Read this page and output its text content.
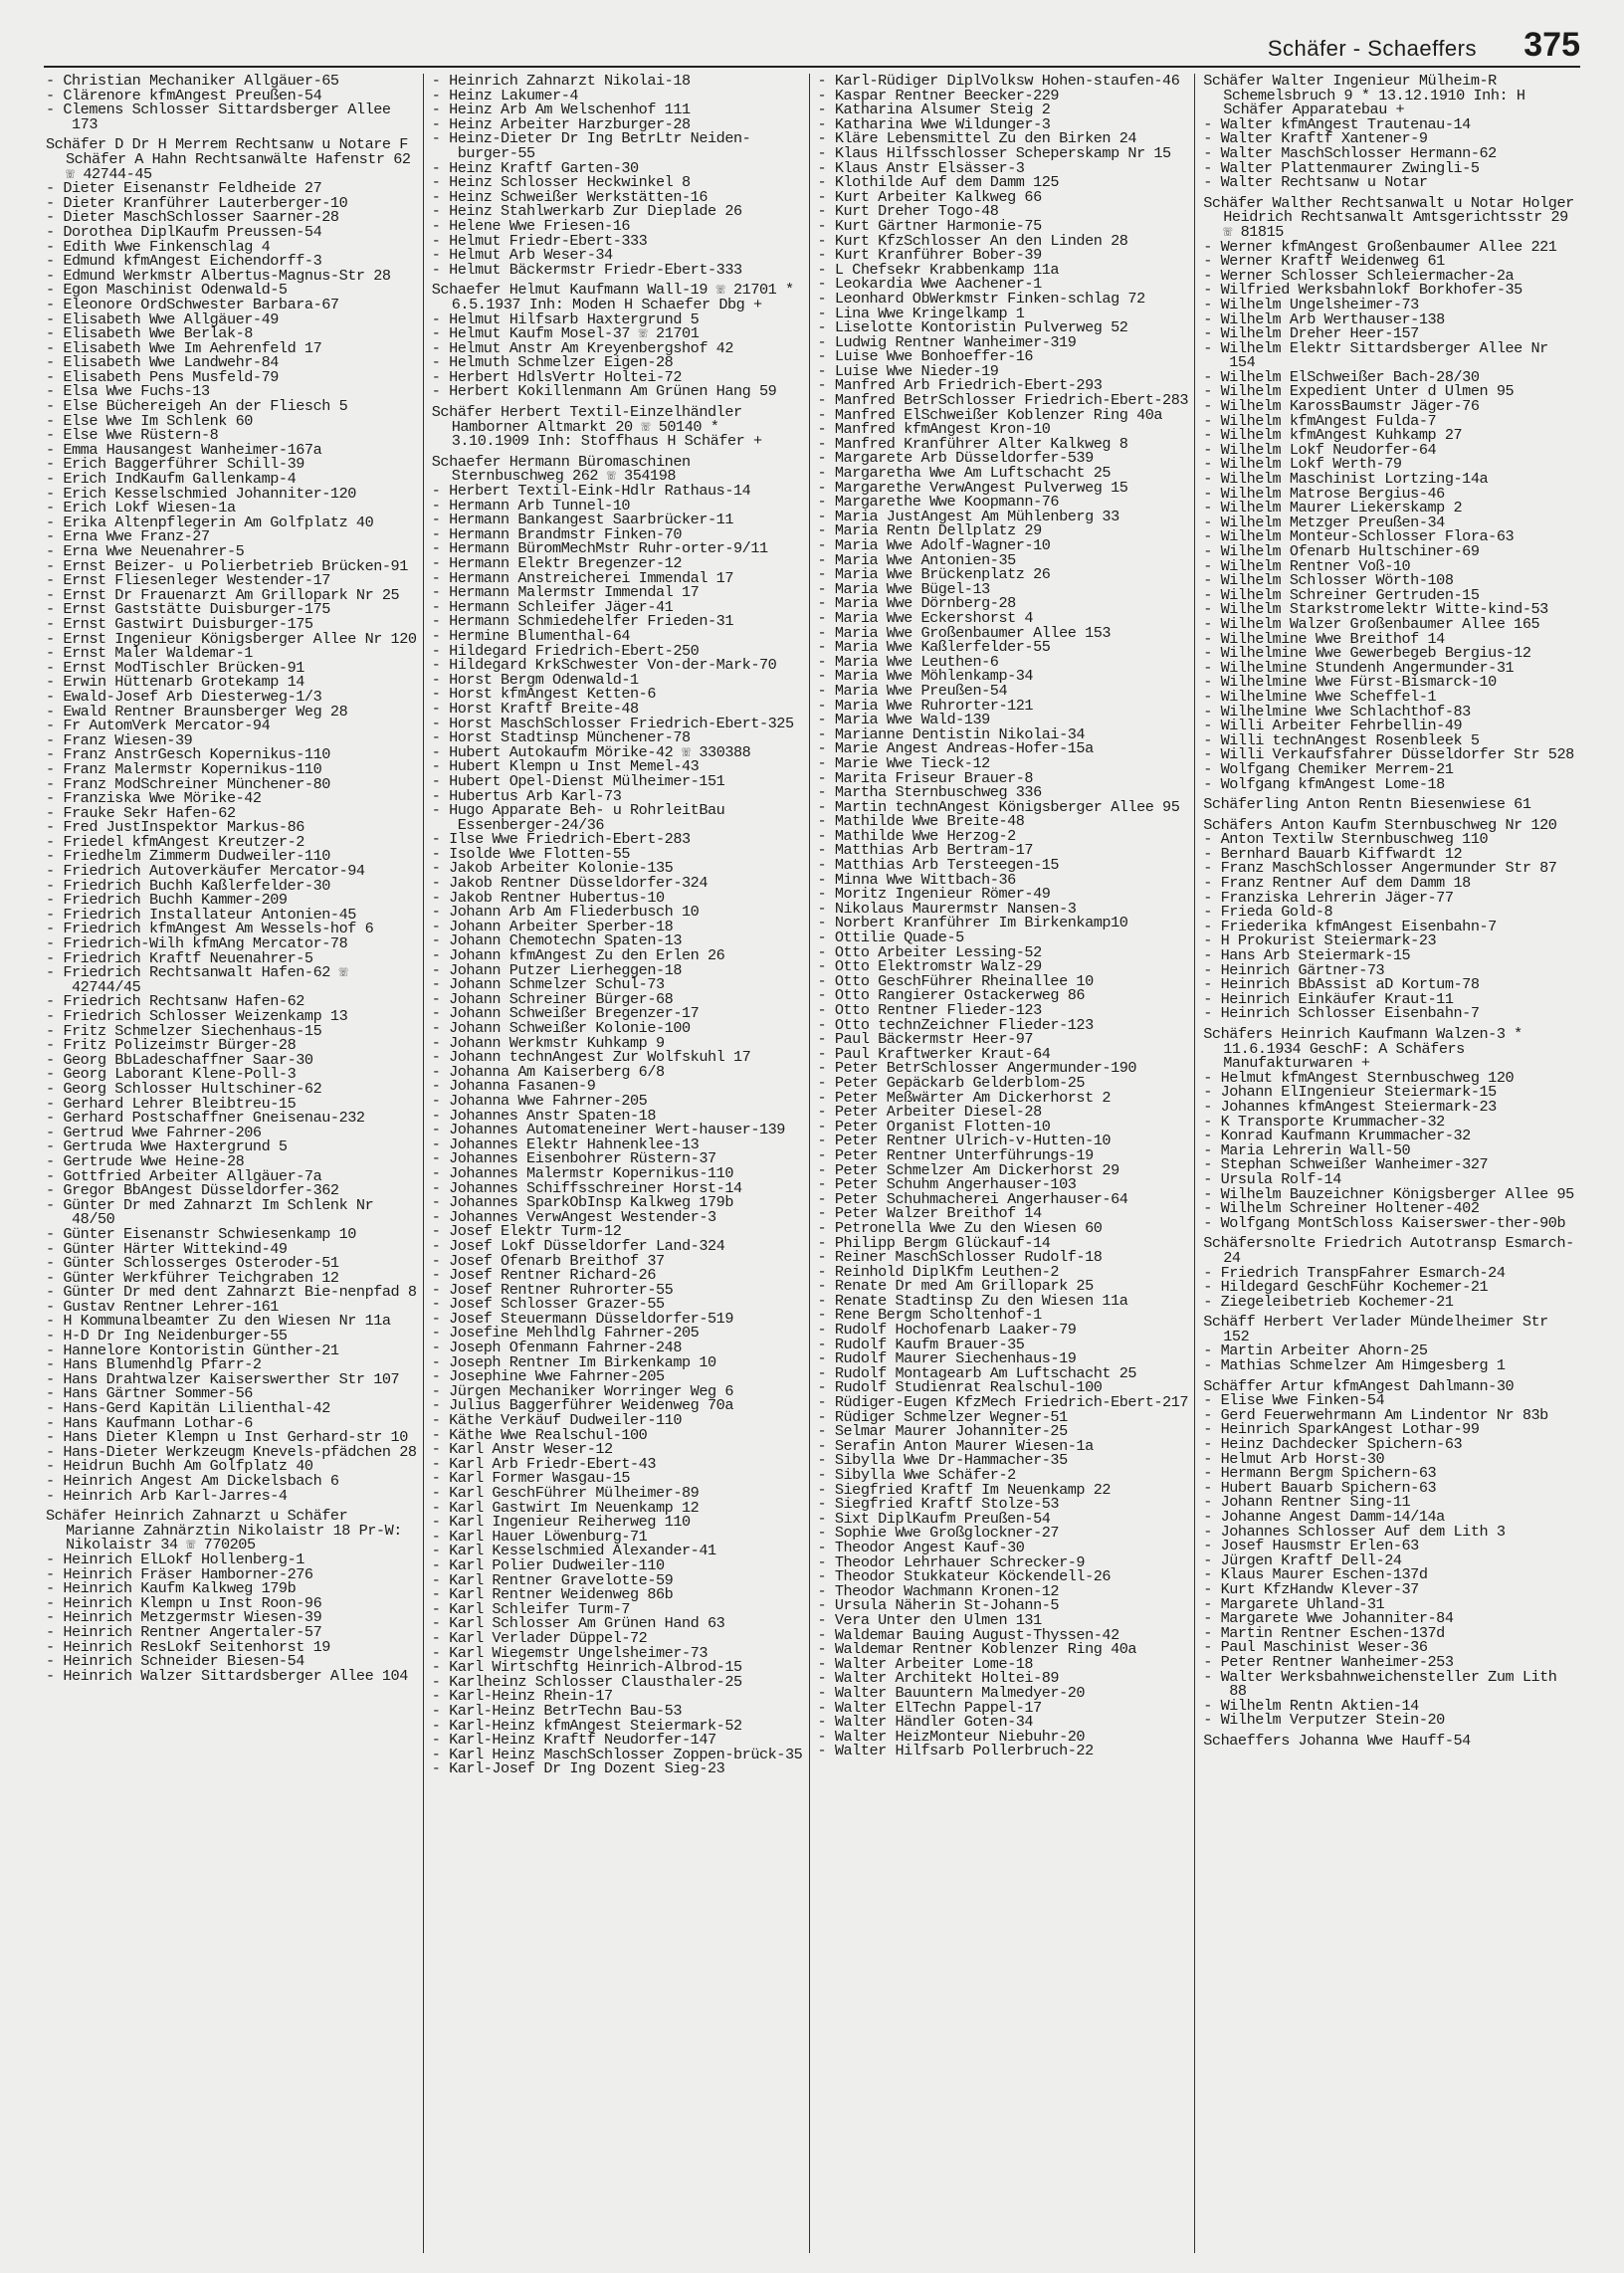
Schäfer - Schaeffers 375
- Christian Mechaniker Allgäuer-65
- Clärenore kfmAngest Preußen-54
- Clemens Schlosser Sittardsberger Allee 173
Schäfer D Dr H Merrem Rechtsanw u Notare F Schäfer A Hahn Rechtsanwälte Hafenstr 62 ☏ 42744-45
- Dieter Eisenanstr Feldheide 27
- Dieter Kranführer Lauterberger-10
- Dieter MaschSchlosser Saarner-28
- Dorothea DiplKaufm Preussen-54
- Edith Wwe Finkenschlag 4
- Edmund kfmAngest Eichendorff-3
- Edmund Werkmstr Albertus-Magnus-Str 28
- Egon Maschinist Odenwald-5
- Eleonore OrdSchwester Barbara-67
- Elisabeth Wwe Allgäuer-49
- Elisabeth Wwe Berlak-8
- Elisabeth Wwe Im Aehrenfeld 17
- Elisabeth Wwe Landwehr-84
- Elisabeth Pens Musfeld-79
- Elsa Wwe Fuchs-13
- Else Büchereigeh An der Fliesch 5
- Else Wwe Im Schlenk 60
- Else Wwe Rüstern-8
- Emma Hausangest Wanheimer-167a
- Erich Baggerführer Schill-39
- Erich IndKaufm Gallenkamp-4
- Erich Kesselschmied Johanniter-120
- Erich Lokf Wiesen-1a
- Erika Altenpflegerin Am Golfplatz 40
- Erna Wwe Franz-27
- Erna Wwe Neuenahrer-5
- Ernst Beizer- u Polierbetrieb Brücken-91
- Ernst Fliesenleger Westender-17
- Ernst Dr Frauenarzt Am Grillopark Nr 25
- Ernst Gaststätte Duisburger-175
- Ernst Gastwirt Duisburger-175
- Ernst Ingenieur Königsberger Allee Nr 120
- Ernst Maler Waldemar-1
- Ernst ModTischler Brücken-91
- Erwin Hüttenarb Grotekamp 14
- Ewald-Josef Arb Diesterweg-1/3
- Ewald Rentner Braunsberger Weg 28
- Fr AutomVerk Mercator-94
- Franz Wiesen-39
- Franz AnstrGesch Kopernikus-110
- Franz Malermstr Kopernikus-110
- Franz ModSchreiner Münchener-80
- Franziska Wwe Mörike-42
- Frauke Sekr Hafen-62
- Fred JustInspektor Markus-86
- Friedel kfmAngest Kreutzer-2
- Friedhelm Zimmerm Dudweiler-110
- Friedrich Autoverkäufer Mercator-94
- Friedrich Buchh Kaßlerfelder-30
- Friedrich Buchh Kammer-209
- Friedrich Installateur Antonien-45
- Friedrich kfmAngest Am Wessels-hof 6
- Friedrich-Wilh kfmAng Mercator-78
- Friedrich Kraftf Neuenahrer-5
- Friedrich Rechtsanwalt Hafen-62 ☏ 42744/45
- Friedrich Rechtsanw Hafen-62
- Friedrich Schlosser Weizenkamp 13
- Fritz Schmelzer Siechenhaus-15
- Fritz Polizeimstr Bürger-28
- Georg BbLadeschaffner Saar-30
- Georg Laborant Klene-Poll-3
- Georg Schlosser Hultschiner-62
- Gerhard Lehrer Bleibtreu-15
- Gerhard Postschaffner Gneisenau-232
- Gertrud Wwe Fahrner-206
- Gertruda Wwe Haxtergrund 5
- Gertrude Wwe Heine-28
- Gottfried Arbeiter Allgäuer-7a
- Gregor BbAngest Düsseldorfer-362
- Günter Dr med Zahnarzt Im Schlenk Nr 48/50
- Günter Eisenanstr Schwiesenkamp 10
- Günter Härter Wittekind-49
- Günter Schlosserges Osteroder-51
- Günter Werkführer Teichgraben 12
- Günter Dr med dent Zahnarzt Bie-nenpfad 8
- Gustav Rentner Lehrer-161
- H Kommunalbeamter Zu den Wiesen Nr 11a
- H-D Dr Ing Neidenburger-55
- Hannelore Kontoristin Günther-21
- Hans Blumenhdlg Pfarr-2
- Hans Drahtwalzer Kaiserswerther Str 107
- Hans Gärtner Sommer-56
- Hans-Gerd Kapitän Lilienthal-42
- Hans Kaufmann Lothar-6
- Hans Dieter Klempn u Inst Gerhard-str 10
- Hans-Dieter Werkzeugm Knevels-pfädchen 28
- Heidrun Buchh Am Golfplatz 40
- Heinrich Angest Am Dickelsbach 6
- Heinrich Arb Karl-Jarres-4
Schäfer Heinrich Zahnarzt u Schäfer Marianne Zahnärztin Nikolaistr 18 Pr-W: Nikolaistr 34 ☏ 770205
- Heinrich ElLokf Hollenberg-1
- Heinrich Fräser Hamborner-276
- Heinrich Kaufm Kalkweg 179b
- Heinrich Klempn u Inst Roon-96
- Heinrich Metzgermstr Wiesen-39
- Heinrich Rentner Angertaler-57
- Heinrich ResLokf Seitenhorst 19
- Heinrich Schneider Biesen-54
- Heinrich Walzer Sittardsberger Allee 104
- Heinrich Zahnarzt Nikolai-18
- Heinz Lakumer-4
- Heinz Arb Am Welschenhof 111
- Heinz Arbeiter Harzburger-28
- Heinz-Dieter Dr Ing BetrLtr Neiden-burger-55
- Heinz Kraftf Garten-30
- Heinz Schlosser Heckwinkel 8
- Heinz Schweißer Werkstätten-16
- Heinz Stahlwerkarb Zur Dieplade 26
- Helene Wwe Friesen-16
- Helmut Friedr-Ebert-333
- Helmut Arb Weser-34
- Helmut Bäckermstr Friedr-Ebert-333
Schaefer Helmut Kaufmann Wall-19 ☏ 21701 * 6.5.1937 Inh: Moden H Schaefer Dbg +
- Helmut Hilfsarb Haxtergrund 5
- Helmut Kaufm Mosel-37 ☏ 21701
- Helmut Anstr Am Kreyenbergshof 42
- Helmuth Schmelzer Eigen-28
- Herbert HdlsVertr Holtei-72
- Herbert Kokillenmann Am Grünen Hang 59
Schäfer Herbert Textil-Einzelhändler Hamborner Altmarkt 20 ☏ 50140 * 3.10.1909 Inh: Stoffhaus H Schäfer +
Schaefer Hermann Büromaschinen Sternbuschweg 262 ☏ 354198
- Herbert Textil-Eink-Hdlr Rathaus-14
- Hermann Arb Tunnel-10
- Hermann Bankangest Saarbrücker-11
- Hermann Brandmstr Finken-70
- Hermann BüromMechMstr Ruhr-orter-9/11
- Hermann Elektr Bregenzer-12
- Hermann Anstreicherei Immendal 17
- Hermann Malermstr Immendal 17
- Hermann Schleifer Jäger-41
- Hermann Schmiedehelfer Frieden-31
- Hermine Blumenthal-64
- Hildegard Friedrich-Ebert-250
- Hildegard KrkSchwester Von-der-Mark-70
- Horst Bergm Odenwald-1
- Horst kfmAngest Ketten-6
- Horst Kraftf Breite-48
- Horst MaschSchlosser Friedrich-Ebert-325
- Horst Stadtinsp Münchener-78
- Hubert Autokaufm Mörike-42 ☏ 330388
- Hubert Klempn u Inst Memel-43
- Hubert Opel-Dienst Mülheimer-151
- Hubertus Arb Karl-73
- Hugo Apparate Beh- u RohrleitBau Essenberger-24/36
- Ilse Wwe Friedrich-Ebert-283
- Isolde Wwe Flotten-55
- Jakob Arbeiter Kolonie-135
- Jakob Rentner Düsseldorfer-324
- Jakob Rentner Hubertus-10
- Johann Arb Am Fliederbusch 10
- Johann Arbeiter Sperber-18
- Johann Chemotechn Spaten-13
- Johann kfmAngest Zu den Erlen 26
- Johann Putzer Lierheggen-18
- Johann Schmelzer Schul-73
- Johann Schreiner Bürger-68
- Johann Schweißer Bregenzer-17
- Johann Schweißer Kolonie-100
- Johann Werkmstr Kuhkamp 9
- Johann technAngest Zur Wolfskuhl 17
- Johanna Am Kaiserberg 6/8
- Johanna Fasanen-9
- Johanna Wwe Fahrner-205
- Johannes Anstr Spaten-18
- Johannes Automateneiner Wert-hauser-139
- Johannes Elektr Hahnenklee-13
- Johannes Eisenbohrer Rüstern-37
- Johannes Malermstr Kopernikus-110
- Johannes Schiffsschreiner Horst-14
- Johannes SparkObInsp Kalkweg 179b
- Johannes VerwAngest Westender-3
- Josef Elektr Turm-12
- Josef Lokf Düsseldorfer Land-324
- Josef Ofenarb Breithof 37
- Josef Rentner Richard-26
- Josef Rentner Ruhrorter-55
- Josef Schlosser Grazer-55
- Josef Steuermann Düsseldorfer-519
- Josefine Mehlhdlg Fahrner-205
- Joseph Ofenmann Fahrner-248
- Joseph Rentner Im Birkenkamp 10
- Josephine Wwe Fahrner-205
- Jürgen Mechaniker Worringer Weg 6
- Julius Baggerführer Weidenweg 70a
- Käthe Verkäuf Dudweiler-110
- Käthe Wwe Realschul-100
- Karl Anstr Weser-12
- Karl Arb Friedr-Ebert-43
- Karl Former Wasgau-15
- Karl GeschFührer Mülheimer-89
- Karl Gastwirt Im Neuenkamp 12
- Karl Ingenieur Reiherweg 110
- Karl Hauer Löwenburg-71
- Karl Kesselschmied Alexander-41
- Karl Polier Dudweiler-110
- Karl Rentner Gravelotte-59
- Karl Rentner Weidenweg 86b
- Karl Schleifer Turm-7
- Karl Schlosser Am Grünen Hand 63
- Karl Verlader Düppel-72
- Karl Wiegemstr Ungelsheimer-73
- Karl Wirtschftg Heinrich-Albrod-15
- Karlheinz Schlosser Clausthaler-25
- Karl-Heinz Rhein-17
- Karl-Heinz BetrTechn Bau-53
- Karl-Heinz kfmAngest Steiermark-52
- Karl-Heinz Kraftf Neudorfer-147
- Karl Heinz MaschSchlosser Zoppen-brück-35
- Karl-Josef Dr Ing Dozent Sieg-23
- Karl-Rüdiger DiplVolksw Hohen-staufen-46
- Kaspar Rentner Beecker-229
- Katharina Alsumer Steig 2
- Katharina Wwe Wildunger-3
- Kläre Lebensmittel Zu den Birken 24
- Klaus Hilfsschlosser Scheperskamp Nr 15
- Klaus Anstr Elsässer-3
- Klothilde Auf dem Damm 125
- Kurt Arbeiter Kalkweg 66
- Kurt Dreher Togo-48
- Kurt Gärtner Harmonie-75
- Kurt KfzSchlosser An den Linden 28
- Kurt Kranführer Bober-39
- L Chefsekr Krabbenkamp 11a
- Leokardia Wwe Aachener-1
- Leonhard ObWerkmstr Finken-schlag 72
- Lina Wwe Kringelkamp 1
- Liselotte Kontoristin Pulverweg 52
- Ludwig Rentner Wanheimer-319
- Luise Wwe Bonhoeffer-16
- Luise Wwe Nieder-19
- Manfred Arb Friedrich-Ebert-293
- Manfred BetrSchlosser Friedrich-Ebert-283
- Manfred ElSchweißer Koblenzer Ring 40a
- Manfred kfmAngest Kron-10
- Manfred Kranführer Alter Kalkweg 8
- Margarete Arb Düsseldorfer-539
- Margaretha Wwe Am Luftschacht 25
- Margarethe VerwAngest Pulverweg 15
- Margarethe Wwe Koopmann-76
- Maria JustAngest Am Mühlenberg 33
- Maria Rentn Dellplatz 29
- Maria Wwe Adolf-Wagner-10
- Maria Wwe Antonien-35
- Maria Wwe Brückenplatz 26
- Maria Wwe Bügel-13
- Maria Wwe Dörnberg-28
- Maria Wwe Eckershorst 4
- Maria Wwe Großenbaumer Allee 153
- Maria Wwe Kaßlerfelder-55
- Maria Wwe Leuthen-6
- Maria Wwe Möhlenkamp-34
- Maria Wwe Preußen-54
- Maria Wwe Ruhrorter-121
- Maria Wwe Wald-139
- Marianne Dentistin Nikolai-34
- Marie Angest Andreas-Hofer-15a
- Marie Wwe Tieck-12
- Marita Friseur Brauer-8
- Martha Sternbuschweg 336
- Martin technAngest Königsberger Allee 95
- Mathilde Wwe Breite-48
- Mathilde Wwe Herzog-2
- Matthias Arb Bertram-17
- Matthias Arb Tersteegen-15
- Minna Wwe Wittbach-36
- Moritz Ingenieur Römer-49
- Nikolaus Maurermstr Nansen-3
- Norbert Kranführer Im Birkenkamp10
- Ottilie Quade-5
- Otto Arbeiter Lessing-52
- Otto Elektromstr Walz-29
- Otto GeschFührer Rheinallee 10
- Otto Rangierer Ostackerweg 86
- Otto Rentner Flieder-123
- Otto technZeichner Flieder-123
- Paul Bäckermstr Heer-97
- Paul Kraftwerker Kraut-64
- Peter BetrSchlosser Angermunder-190
- Peter Gepäckarb Gelderblom-25
- Peter Meßwärter Am Dickerhorst 2
- Peter Arbeiter Diesel-28
- Peter Organist Flotten-10
- Peter Rentner Ulrich-v-Hutten-10
- Peter Rentner Unterführungs-19
- Peter Schmelzer Am Dickerhorst 29
- Peter Schuhm Angerhauser-103
- Peter Schuhmacherei Angerhauser-64
- Peter Walzer Breithof 14
- Petronella Wwe Zu den Wiesen 60
- Philipp Bergm Glückauf-14
- Reiner MaschSchlosser Rudolf-18
- Reinhold DiplKfm Leuthen-2
- Renate Dr med Am Grillopark 25
- Renate Stadtinsp Zu den Wiesen 11a
- Rene Bergm Scholtenhof-1
- Rudolf Hochofenarb Laaker-79
- Rudolf Kaufm Brauer-35
- Rudolf Maurer Siechenhaus-19
- Rudolf Montagearb Am Luftschacht 25
- Rudolf Studienrat Realschul-100
- Rüdiger-Eugen KfzMech Friedrich-Ebert-217
- Rüdiger Schmelzer Wegner-51
- Selmar Maurer Johanniter-25
- Serafin Anton Maurer Wiesen-1a
- Sibylla Wwe Dr-Hammacher-35
- Sibylla Wwe Schäfer-2
- Siegfried Kraftf Im Neuenkamp 22
- Siegfried Kraftf Stolze-53
- Sixt DiplKaufm Preußen-54
- Sophie Wwe Großglockner-27
- Theodor Angest Kauf-30
- Theodor Lehrhauer Schrecker-9
- Theodor Stukkateur Köckendell-26
- Theodor Wachmann Kronen-12
- Ursula Näherin St-Johann-5
- Vera Unter den Ulmen 131
- Waldemar Bauing August-Thyssen-42
- Waldemar Rentner Koblenzer Ring 40a
- Walter Arbeiter Lome-18
- Walter Architekt Holtei-89
- Walter Bauuntern Malmedyer-20
- Walter ElTechn Pappel-17
- Walter Händler Goten-34
- Walter HeizMonteur Niebuhr-20
- Walter Hilfsarb Pollerbruch-22
Schäfer Walter Ingenieur Mülheim-R Schemelsbruch 9 * 13.12.1910 Inh: H Schäfer Apparatebau +
- Walter kfmAngest Trautenau-14
- Walter Kraftf Xantener-9
- Walter MaschSchlosser Hermann-62
- Walter Plattenmaurer Zwingli-5
- Walter Rechtsanw u Notar
Schäfer Walther Rechtsanwalt u Notar Holger Heidrich Rechtsanwalt Amtsgerichtsstr 29 ☏ 81815
- Werner kfmAngest Großenbaumer Allee 221
- Werner Kraftf Weidenweg 61
- Werner Schlosser Schleiermacher-2a
- Wilfried Werksbahnlokf Borkhofer-35
- Wilhelm Ungelsheimer-73
- Wilhelm Arb Werthauser-138
- Wilhelm Dreher Heer-157
- Wilhelm Elektr Sittardsberger Allee Nr 154
- Wilhelm ElSchweißer Bach-28/30
- Wilhelm Expedient Unter d Ulmen 95
- Wilhelm KarossBaumstr Jäger-76
- Wilhelm kfmAngest Fulda-7
- Wilhelm kfmAngest Kuhkamp 27
- Wilhelm Lokf Neudorfer-64
- Wilhelm Lokf Werth-79
- Wilhelm Maschinist Lortzing-14a
- Wilhelm Matrose Bergius-46
- Wilhelm Maurer Liekerskamp 2
- Wilhelm Metzger Preußen-34
- Wilhelm Monteur-Schlosser Flora-63
- Wilhelm Ofenarb Hultschiner-69
- Wilhelm Rentner Voß-10
- Wilhelm Schlosser Wörth-108
- Wilhelm Schreiner Gertruden-15
- Wilhelm Starkstromelektr Witte-kind-53
- Wilhelm Walzer Großenbaumer Allee 165
- Wilhelmine Wwe Breithof 14
- Wilhelmine Wwe Gewerbegeb Bergius-12
- Wilhelmine Stundenh Angermunder-31
- Wilhelmine Wwe Fürst-Bismarck-10
- Wilhelmine Wwe Scheffel-1
- Wilhelmine Wwe Schlachthof-83
- Willi Arbeiter Fehrbellin-49
- Willi technAngest Rosenbleek 5
- Willi Verkaufsfahrer Düsseldorfer Str 528
- Wolfgang Chemiker Merrem-21
- Wolfgang kfmAngest Lome-18
Schäferling Anton Rentn Biesenwiese 61
Schäfers Anton Kaufm Sternbuschweg Nr 120
- Anton Textilw Sternbuschweg 110
- Bernhard Bauarb Kiffwardt 12
- Franz MaschSchlosser Angermunder Str 87
- Franz Rentner Auf dem Damm 18
- Franziska Lehrerin Jäger-77
- Frieda Gold-8
- Friederika kfmAngest Eisenbahn-7
- H Prokurist Steiermark-23
- Hans Arb Steiermark-15
- Heinrich Gärtner-73
- Heinrich BbAssist aD Kortum-78
- Heinrich Einkäufer Kraut-11
- Heinrich Schlosser Eisenbahn-7
Schäfers Heinrich Kaufmann Walzen-3 * 11.6.1934 GeschF: A Schäfers Manufakturwaren +
- Helmut kfmAngest Sternbuschweg 120
- Johann ElIngenieur Steiermark-15
- Johannes kfmAngest Steiermark-23
- K Transporte Krummacher-32
- Konrad Kaufmann Krummacher-32
- Maria Lehrerin Wall-50
- Stephan Schweißer Wanheimer-327
- Ursula Rolf-14
- Wilhelm Bauzeichner Königsberger Allee 95
- Wilhelm Schreiner Holtener-402
- Wolfgang MontSchloss Kaiserswer-ther-90b
Schäfersnolte Friedrich Autotransp Esmarch-24
- Friedrich TranspFahrer Esmarch-24
- Hildegard GeschFühr Kochemer-21
- Ziegeleibetrieb Kochemer-21
Schäff Herbert Verlader Mündelheimer Str 152
- Martin Arbeiter Ahorn-25
- Mathias Schmelzer Am Himgesberg 1
Schäffer Artur kfmAngest Dahlmann-30
- Elise Wwe Finken-54
- Gerd Feuerwehrmann Am Lindentor Nr 83b
- Heinrich SparkAngest Lothar-99
- Heinz Dachdecker Spichern-63
- Helmut Arb Horst-30
- Hermann Bergm Spichern-63
- Hubert Bauarb Spichern-63
- Johann Rentner Sing-11
- Johanne Angest Damm-14/14a
- Johannes Schlosser Auf dem Lith 3
- Josef Hausmstr Erlen-63
- Jürgen Kraftf Dell-24
- Klaus Maurer Eschen-137d
- Kurt KfzHandw Klever-37
- Margarete Uhland-31
- Margarete Wwe Johanniter-84
- Martin Rentner Eschen-137d
- Paul Maschinist Weser-36
- Peter Rentner Wanheimer-253
- Walter Werksbahnweichensteller Zum Lith 88
- Wilhelm Rentn Aktien-14
- Wilhelm Verputzer Stein-20
Schaeffers Johanna Wwe Hauff-54
